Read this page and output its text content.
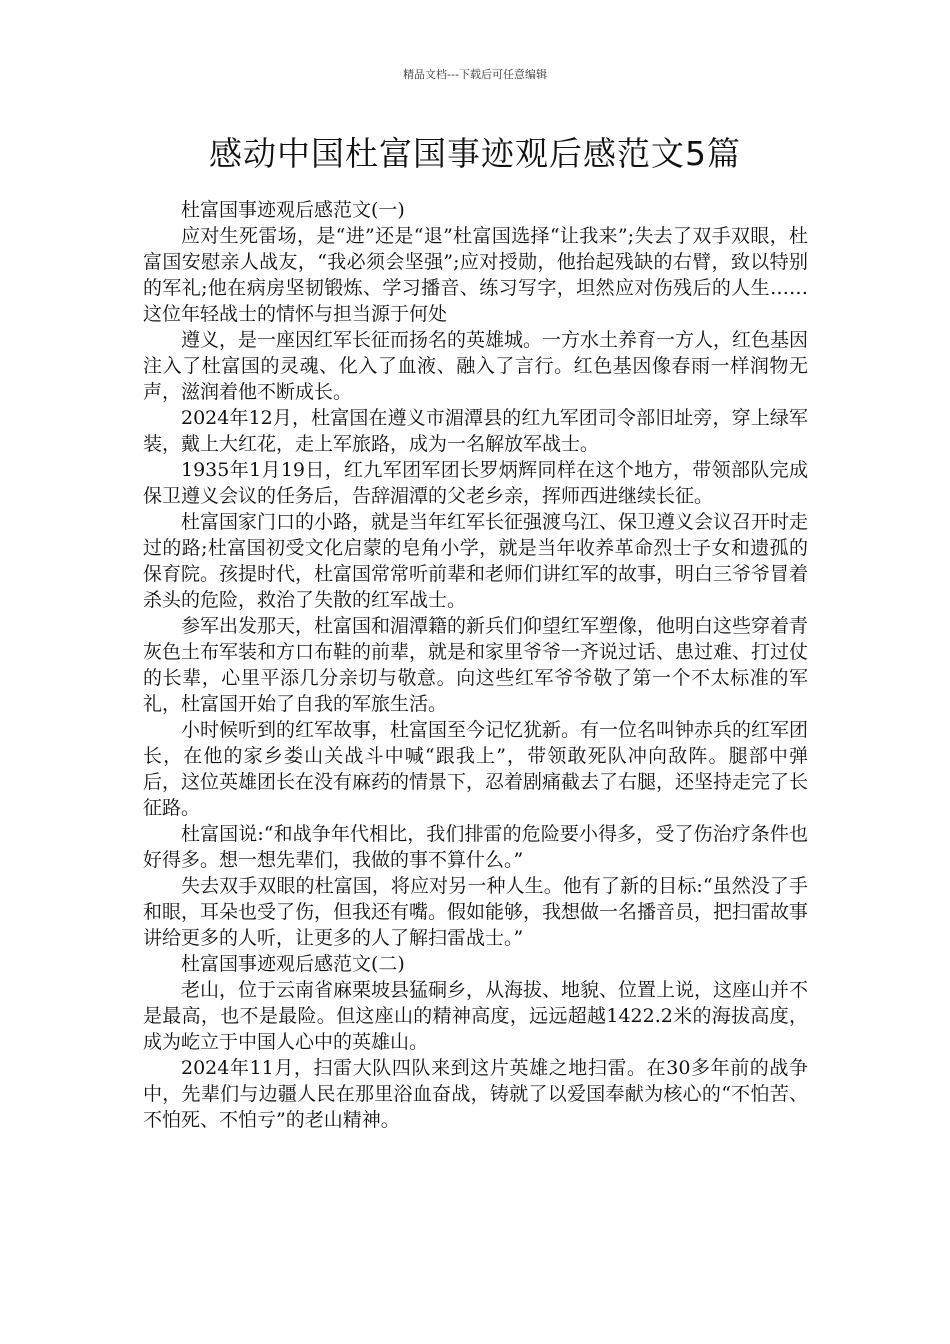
精品文档---下载后可任意编辑
感动中国杜富国事迹观后感范文5篇

杜富国事迹观后感范文(一)

应对生死雷场，是“进”还是“退”杜富国选择“让我来”;失去了双手双眼，杜富国安慰亲人战友，“我必须会坚强”;应对授勋，他抬起残缺的右臂，致以特别的军礼;他在病房坚韧锻炼、学习播音、练习写字，坦然应对伤残后的人生……这位年轻战士的情怀与担当源于何处

遵义，是一座因红军长征而扬名的英雄城。一方水土养育一方人，红色基因注入了杜富国的灵魂、化入了血液、融入了言行。红色基因像春雨一样润物无声，滋润着他不断成长。

2024年12月，杜富国在遵义市湄潭县的红九军团司令部旧址旁，穿上绿军装，戴上大红花，走上军旅路，成为一名解放军战士。

1935年1月19日，红九军团军团长罗炳辉同样在这个地方，带领部队完成保卫遵义会议的任务后，告辞湄潭的父老乡亲，挥师西进继续长征。

杜富国家门口的小路，就是当年红军长征强渡乌江、保卫遵义会议召开时走过的路;杜富国初受文化启蒙的皂角小学，就是当年收养革命烈士子女和遗孤的保育院。孩提时代，杜富国常常听前辈和老师们讲红军的故事，明白三爷爷冒着杀头的危险，救治了失散的红军战士。

参军出发那天，杜富国和湄潭籍的新兵们仰望红军塑像，他明白这些穿着青灰色土布军装和方口布鞋的前辈，就是和家里爷爷一齐说过话、患过难、打过仗的长辈，心里平添几分亲切与敬意。向这些红军爷爷敬了第一个不太标准的军礼，杜富国开始了自我的军旅生活。

小时候听到的红军故事，杜富国至今记忆犹新。有一位名叫钟赤兵的红军团长，在他的家乡娄山关战斗中喊“跟我上”，带领敢死队冲向敌阵。腿部中弹后，这位英雄团长在没有麻药的情景下，忍着剧痛截去了右腿，还坚持走完了长征路。

杜富国说:“和战争年代相比，我们排雷的危险要小得多，受了伤治疗条件也好得多。想一想先辈们，我做的事不算什么。”

失去双手双眼的杜富国，将应对另一种人生。他有了新的目标:“虽然没了手和眼，耳朵也受了伤，但我还有嘴。假如能够，我想做一名播音员，把扫雷故事讲给更多的人听，让更多的人了解扫雷战士。”

杜富国事迹观后感范文(二)

老山，位于云南省麻栗坡县猛硐乡，从海拔、地貌、位置上说，这座山并不是最高，也不是最险。但这座山的精神高度，远远超越1422.2米的海拔高度，成为屹立于中国人心中的英雄山。

2024年11月，扫雷大队四队来到这片英雄之地扫雷。在30多年前的战争中，先辈们与边疆人民在那里浴血奋战，铸就了以爱国奉献为核心的“不怕苦、不怕死、不怕亏”的老山精神。
